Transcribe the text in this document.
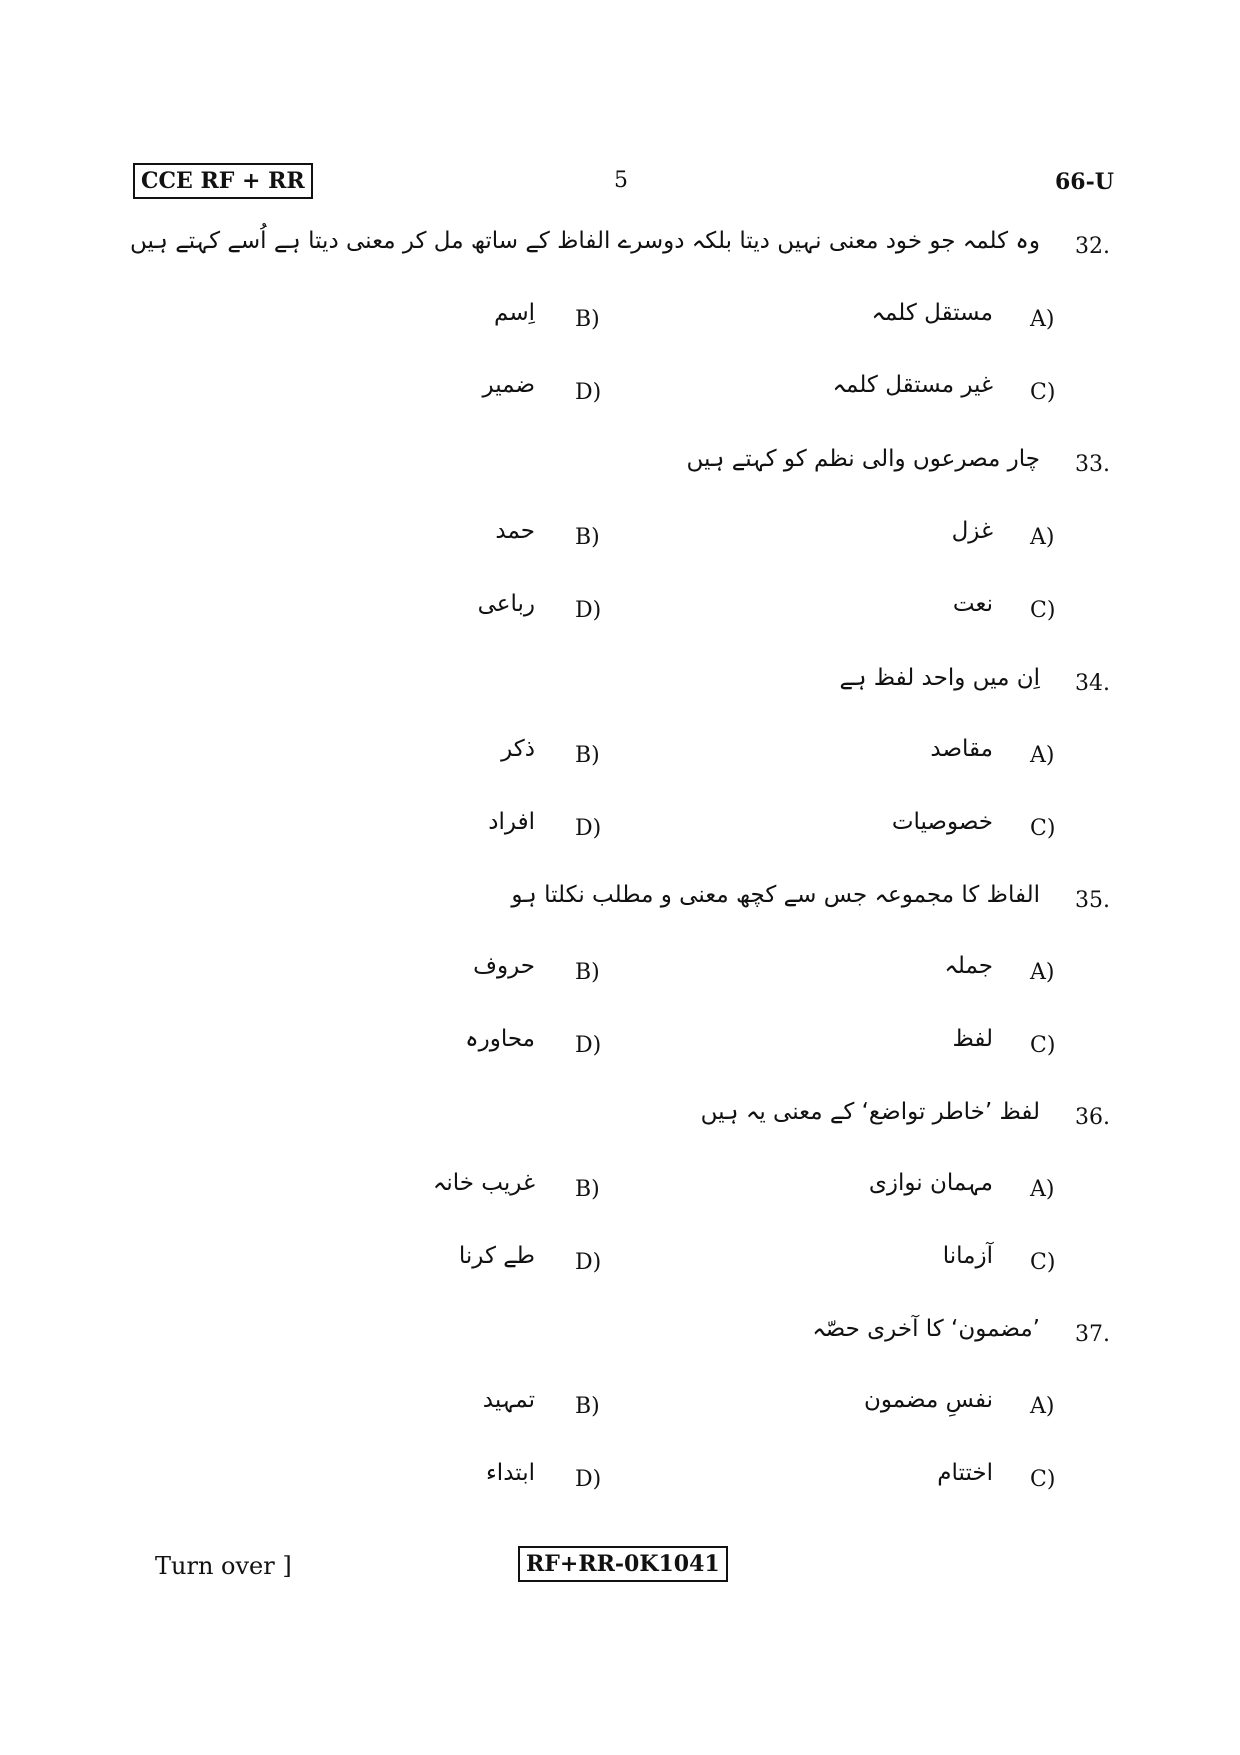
CCE RF + RR	5	66-U
32.
وہ کلمہ جو خود معنی نہیں دیتا بلکہ دوسرے الفاظ کے ساتھ مل کر معنی دیتا ہے اُسے کہتے ہیں
A)
مستقل کلمہ
B)
اِسم
C)
غیر مستقل کلمہ
D)
ضمیر
33.
چار مصرعوں والی نظم کو کہتے ہیں
A)
غزل
B)
حمد
C)
نعت
D)
رباعی
34.
اِن میں واحد لفظ ہے
A)
مقاصد
B)
ذکر
C)
خصوصیات
D)
افراد
35.
الفاظ کا مجموعہ جس سے کچھ معنی و مطلب نکلتا ہو
A)
جملہ
B)
حروف
C)
لفظ
D)
محاورہ
36.
لفظ ’خاطر تواضع‘ کے معنی یہ ہیں
A)
مہمان نوازی
B)
غریب خانہ
C)
آزمانا
D)
طے کرنا
37.
’مضمون‘ کا آخری حصّہ
A)
نفسِ مضمون
B)
تمہید
C)
اختتام
D)
ابتداء
Turn over ]	RF+RR-0K1041
